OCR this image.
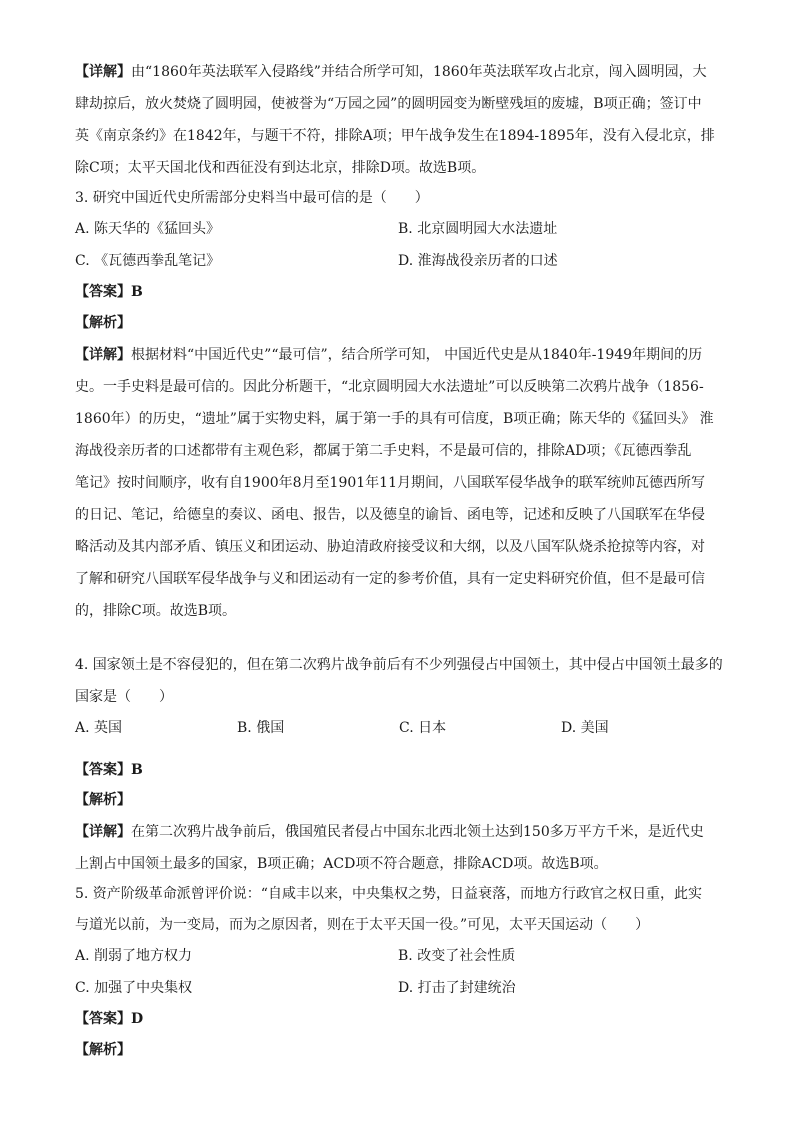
【详解】由“1860年英法联军入侵路线”并结合所学可知，1860年英法联军攻占北京，闯入圆明园，大
肆劫掠后，放火焚烧了圆明园，使被誉为“万园之园”的圆明园变为断壁残垣的废墟，B项正确；签订中
英《南京条约》在1842年，与题干不符，排除A项；甲午战争发生在1894-1895年，没有入侵北京，排
除C项；太平天国北伐和西征没有到达北京，排除D项。故选B项。
3. 研究中国近代史所需部分史料当中最可信的是（　　）
A. 陈天华的《猛回头》	B. 北京圆明园大水法遗址
C. 《瓦德西拳乱笔记》	D. 淮海战役亲历者的口述
【答案】B
【解析】
【详解】根据材料“中国近代史”“最可信”，结合所学可知， 中国近代史是从1840年-1949年期间的历
史。一手史料是最可信的。因此分析题干，“北京圆明园大水法遗址”可以反映第二次鸦片战争（1856-
1860年）的历史，“遗址”属于实物史料，属于第一手的具有可信度，B项正确；陈天华的《猛回头》 淮
海战役亲历者的口述都带有主观色彩，都属于第二手史料，不是最可信的，排除AD项；《瓦德西拳乱
笔记》按时间顺序，收有自1900年8月至1901年11月期间，八国联军侵华战争的联军统帅瓦德西所写
的日记、笔记，给德皇的奏议、函电、报告，以及德皇的谕旨、函电等，记述和反映了八国联军在华侵
略活动及其内部矛盾、镇压义和团运动、胁迫清政府接受议和大纲，以及八国军队烧杀抢掠等内容，对
了解和研究八国联军侵华战争与义和团运动有一定的参考价值，具有一定史料研究价值，但不是最可信
的，排除C项。故选B项。
4. 国家领土是不容侵犯的，但在第二次鸦片战争前后有不少列强侵占中国领土，其中侵占中国领土最多的
国家是（　　）
A. 英国	B. 俄国	C. 日本	D. 美国
【答案】B
【解析】
【详解】在第二次鸦片战争前后，俄国殖民者侵占中国东北西北领土达到150多万平方千米，是近代史
上割占中国领土最多的国家，B项正确；ACD项不符合题意，排除ACD项。故选B项。
5. 资产阶级革命派曾评价说：“自咸丰以来，中央集权之势，日益衰落，而地方行政官之权日重，此实
与道光以前，为一变局，而为之原因者，则在于太平天国一役。”可见，太平天国运动（　　）
A. 削弱了地方权力	B. 改变了社会性质
C. 加强了中央集权	D. 打击了封建统治
【答案】D
【解析】
